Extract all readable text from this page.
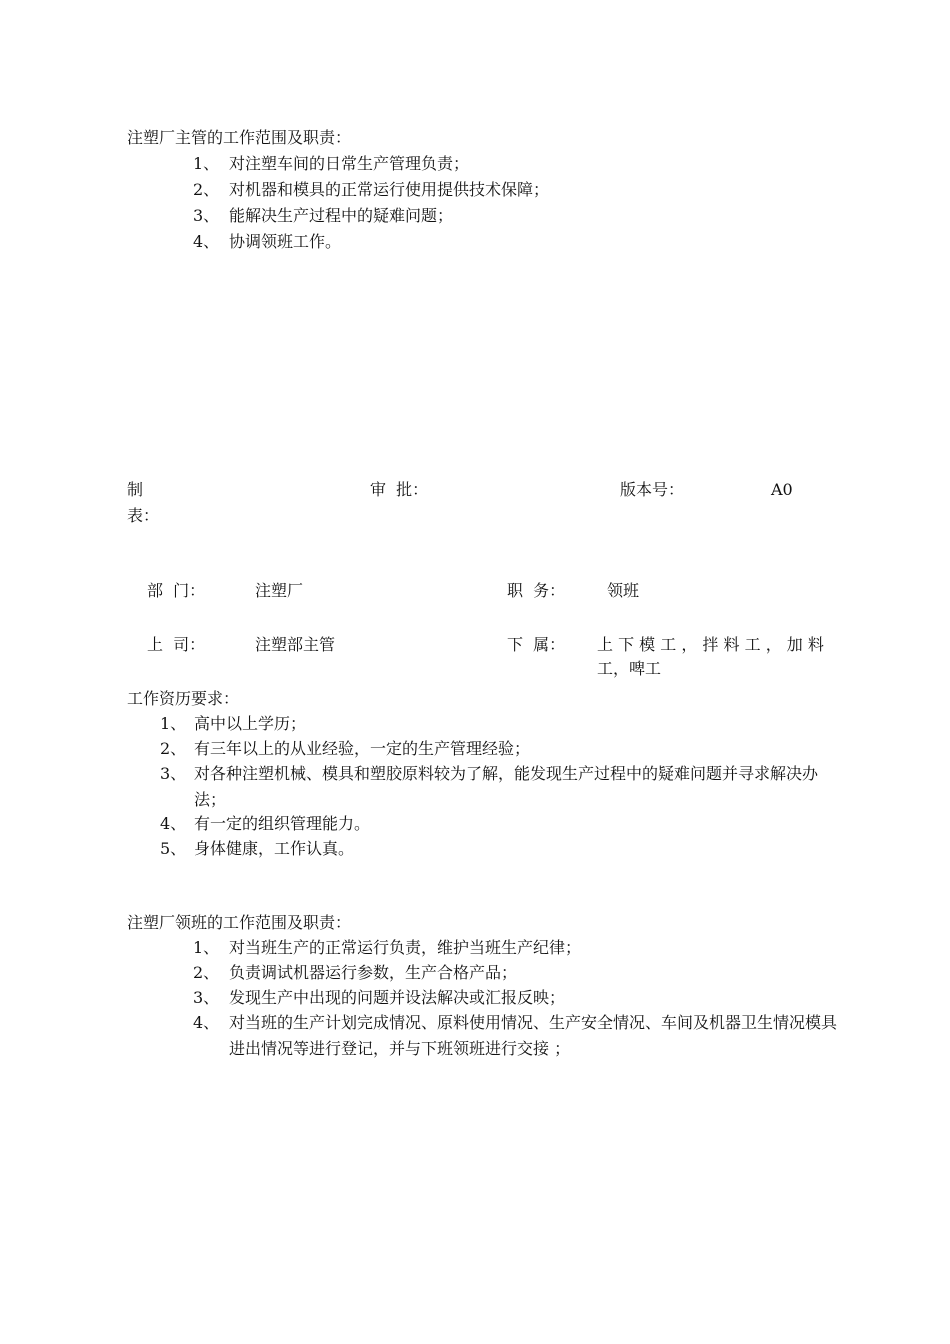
注塑厂主管的工作范围及职责：
1、 对注塑车间的日常生产管理负责；
2、 对机器和模具的正常运行使用提供技术保障；
3、 能解决生产过程中的疑难问题；
4、 协调领班工作。
制
表：
审  批：	版本号：	A0
部  门：	注塑厂	职  务：	领班
上  司：	注塑部主管	下  属： 上 下 模 工 ， 拌 料 工 ， 加 料
工，啤工
工作资历要求：
1、 高中以上学历；
2、 有三年以上的从业经验，一定的生产管理经验；
3、 对各种注塑机械、模具和塑胶原料较为了解，能发现生产过程中的疑难问题并寻求解决办法；
4、 有一定的组织管理能力。
5、 身体健康，工作认真。
注塑厂领班的工作范围及职责：
1、 对当班生产的正常运行负责，维护当班生产纪律；
2、 负责调试机器运行参数，生产合格产品；
3、 发现生产中出现的问题并设法解决或汇报反映；
4、 对当班的生产计划完成情况、原料使用情况、生产安全情况、车间及机器卫生情况模具进出情况等进行登记，并与下班领班进行交接 ；
